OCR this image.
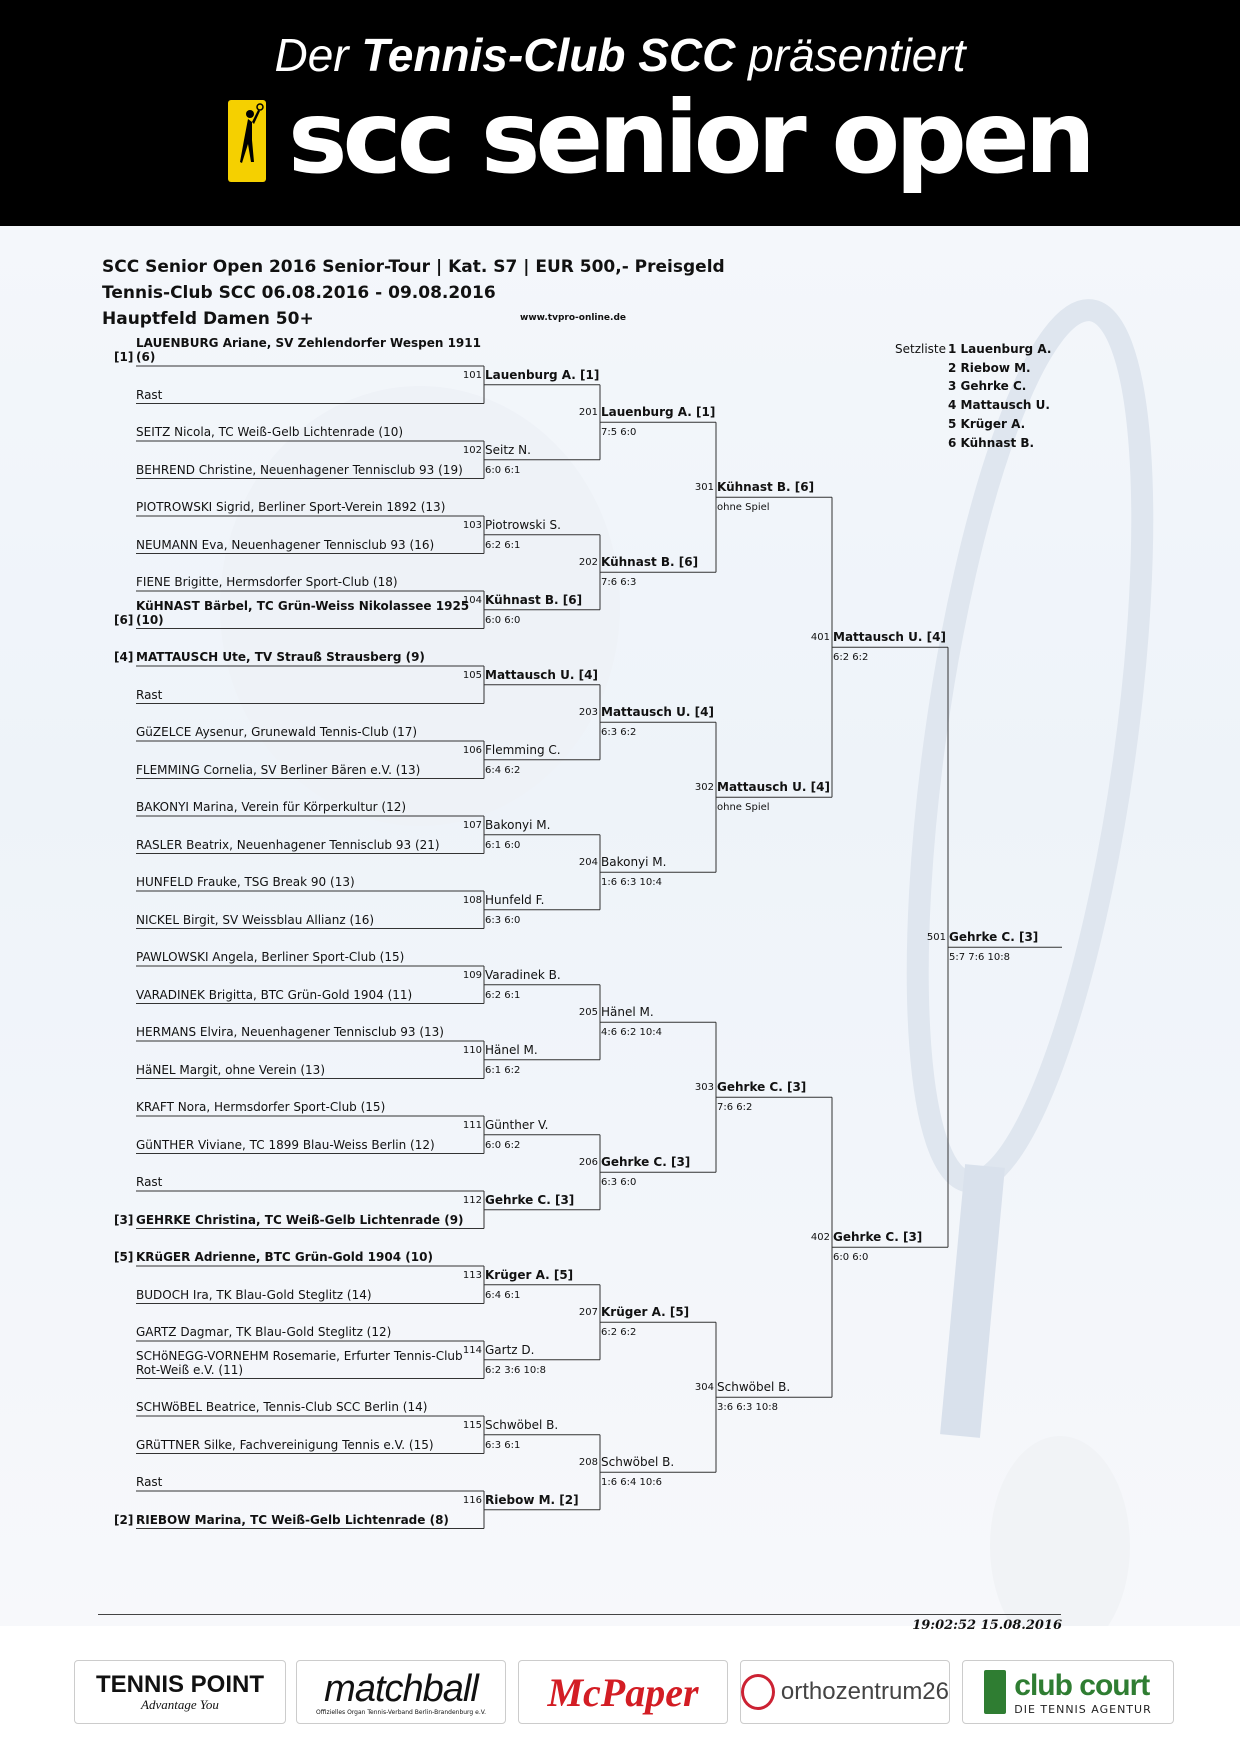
Der Tennis-Club SCC präsentiert
scc senior open
SCC Senior Open 2016 Senior-Tour | Kat. S7 | EUR 500,- Preisgeld
Tennis-Club SCC 06.08.2016 - 09.08.2016
Hauptfeld Damen 50+	www.tvpro-online.de
Setzliste 1 Lauenburg A.
2 Riebow M.
3 Gehrke C.
4 Mattausch U.
5 Krüger A.
6 Kühnast B.
LAUENBURG Ariane, SV Zehlendorfer Wespen 1911 (6)
[1]
Rast
SEITZ Nicola, TC Weiß-Gelb Lichtenrade (10)
BEHREND Christine, Neuenhagener Tennisclub 93 (19)
PIOTROWSKI Sigrid, Berliner Sport-Verein 1892 (13)
NEUMANN Eva, Neuenhagener Tennisclub 93 (16)
FIENE Brigitte, Hermsdorfer Sport-Club (18)
KüHNAST Bärbel, TC Grün-Weiss Nikolassee 1925 (10)
[6]
MATTAUSCH Ute, TV Strauß Strausberg (9)
[4]
Rast
GüZELCE Aysenur, Grunewald Tennis-Club (17)
FLEMMING Cornelia, SV Berliner Bären e.V. (13)
BAKONYI Marina, Verein für Körperkultur (12)
RASLER Beatrix, Neuenhagener Tennisclub 93 (21)
HUNFELD Frauke, TSG Break 90 (13)
NICKEL Birgit, SV Weissblau Allianz (16)
PAWLOWSKI Angela, Berliner Sport-Club (15)
VARADINEK Brigitta, BTC Grün-Gold 1904 (11)
HERMANS Elvira, Neuenhagener Tennisclub 93 (13)
HäNEL Margit, ohne Verein (13)
KRAFT Nora, Hermsdorfer Sport-Club (15)
GüNTHER Viviane, TC 1899 Blau-Weiss Berlin (12)
Rast
GEHRKE Christina, TC Weiß-Gelb Lichtenrade (9)
[3]
KRüGER Adrienne, BTC Grün-Gold 1904 (10)
[5]
BUDOCH Ira, TK Blau-Gold Steglitz (14)
GARTZ Dagmar, TK Blau-Gold Steglitz (12)
SCHöNEGG-VORNEHM Rosemarie, Erfurter Tennis-Club Rot-Weiß e.V. (11)
SCHWöBEL Beatrice, Tennis-Club SCC Berlin (14)
GRüTTNER Silke, Fachvereinigung Tennis e.V. (15)
Rast
RIEBOW Marina, TC Weiß-Gelb Lichtenrade (8)
[2]
101 Lauenburg A. [1]
102 Seitz N.
6:0 6:1
103 Piotrowski S.
6:2 6:1
104 Kühnast B. [6]
6:0 6:0
105 Mattausch U. [4]
106 Flemming C.
6:4 6:2
107 Bakonyi M.
6:1 6:0
108 Hunfeld F.
6:3 6:0
109 Varadinek B.
6:2 6:1
110 Hänel M.
6:1 6:2
111 Günther V.
6:0 6:2
112 Gehrke C. [3]
113 Krüger A. [5]
6:4 6:1
114 Gartz D.
6:2 3:6 10:8
115 Schwöbel B.
6:3 6:1
116 Riebow M. [2]
201 Lauenburg A. [1]
7:5 6:0
202 Kühnast B. [6]
7:6 6:3
203 Mattausch U. [4]
6:3 6:2
204 Bakonyi M.
1:6 6:3 10:4
205 Hänel M.
4:6 6:2 10:4
206 Gehrke C. [3]
6:3 6:0
207 Krüger A. [5]
6:2 6:2
208 Schwöbel B.
1:6 6:4 10:6
301 Kühnast B. [6]
ohne Spiel
302 Mattausch U. [4]
ohne Spiel
303 Gehrke C. [3]
7:6 6:2
304 Schwöbel B.
3:6 6:3 10:8
401 Mattausch U. [4]
6:2 6:2
402 Gehrke C. [3]
6:0 6:0
501 Gehrke C. [3]
5:7 7:6 10:8
19:02:52 15.08.2016
TENNIS POINT
Advantage You	matchball
Offizielles Organ Tennis-Verband Berlin-Brandenburg e.V. McPaper	orthozentrum26 club court
DIE TENNIS AGENTUR
